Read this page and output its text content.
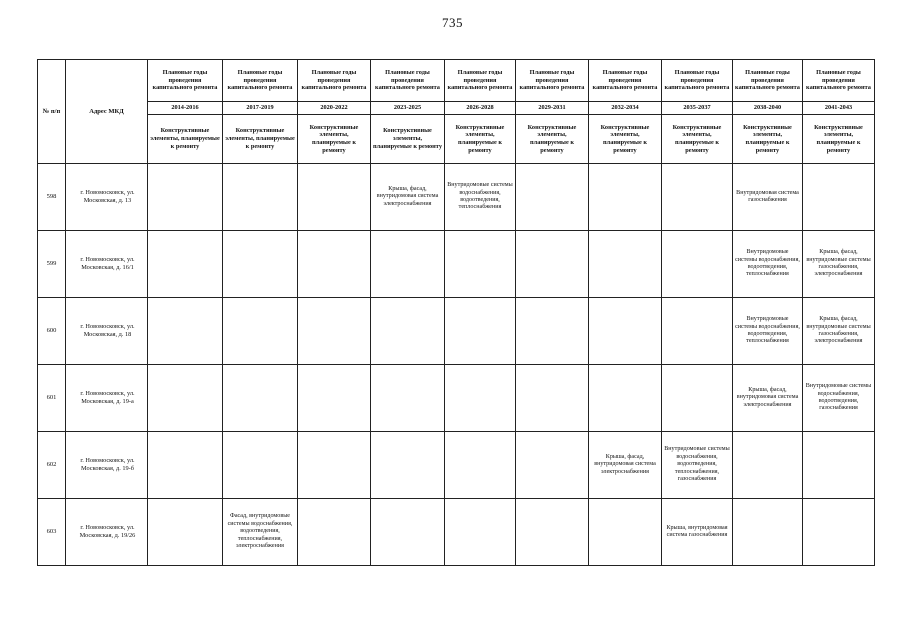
735
№ п/п	Адрес МКД	Плановые годы проведения капитального ремонта	Плановые годы проведения капитального ремонта	Плановые годы проведения капитального ремонта	Плановые годы проведения капитального ремонта	Плановые годы проведения капитального ремонта	Плановые годы проведения капитального ремонта	Плановые годы проведения капитального ремонта	Плановые годы проведения капитального ремонта	Плановые годы проведения капитального ремонта	Плановые годы проведения капитального ремонта
		2014-2016	2017-2019	2020-2022	2023-2025	2026-2028	2029-2031	2032-2034	2035-2037	2038-2040	2041-2043
		Конструктивные элементы, планируемые к ремонту	Конструктивные элементы, планируемые к ремонту	Конструктивные элементы, планируемые к ремонту	Конструктивные элементы, планируемые к ремонту	Конструктивные элементы, планируемые к ремонту	Конструктивные элементы, планируемые к ремонту	Конструктивные элементы, планируемые к ремонту	Конструктивные элементы, планируемые к ремонту	Конструктивные элементы, планируемые к ремонту	Конструктивные элементы, планируемые к ремонту
598	г. Новомосковск, ул. Московская, д. 13				Крыша, фасад, внутридомовая система электроснабжения	Внутридомовые системы водоснабжения, водоотведения, теплоснабжения				Внутридомовая система газоснабжения	
599	г. Новомосковск, ул. Московская, д. 16/1									Внутридомовые системы водоснабжения, водоотведения, теплоснабжения	Крыша, фасад, внутридомовые системы газоснабжения, электроснабжения
600	г. Новомосковск, ул. Московская, д. 18									Внутридомовые системы водоснабжения, водоотведения, теплоснабжения	Крыша, фасад, внутридомовые системы газоснабжения, электроснабжения
601	г. Новомосковск, ул. Московская, д. 19-а									Крыша, фасад, внутридомовая система электроснабжения	Внутридомовые системы водоснабжения, водоотведения, газоснабжения
602	г. Новомосковск, ул. Московская, д. 19-б							Крыша, фасад, внутридомовая система электроснабжения	Внутридомовые системы водоснабжения, водоотведения, теплоснабжения, газоснабжения		
603	г. Новомосковск, ул. Московская, д. 19/26		Фасад, внутридомовые системы водоснабжения, водоотведения, теплоснабжения, электроснабжения						Крыша, внутридомовая система газоснабжения		
